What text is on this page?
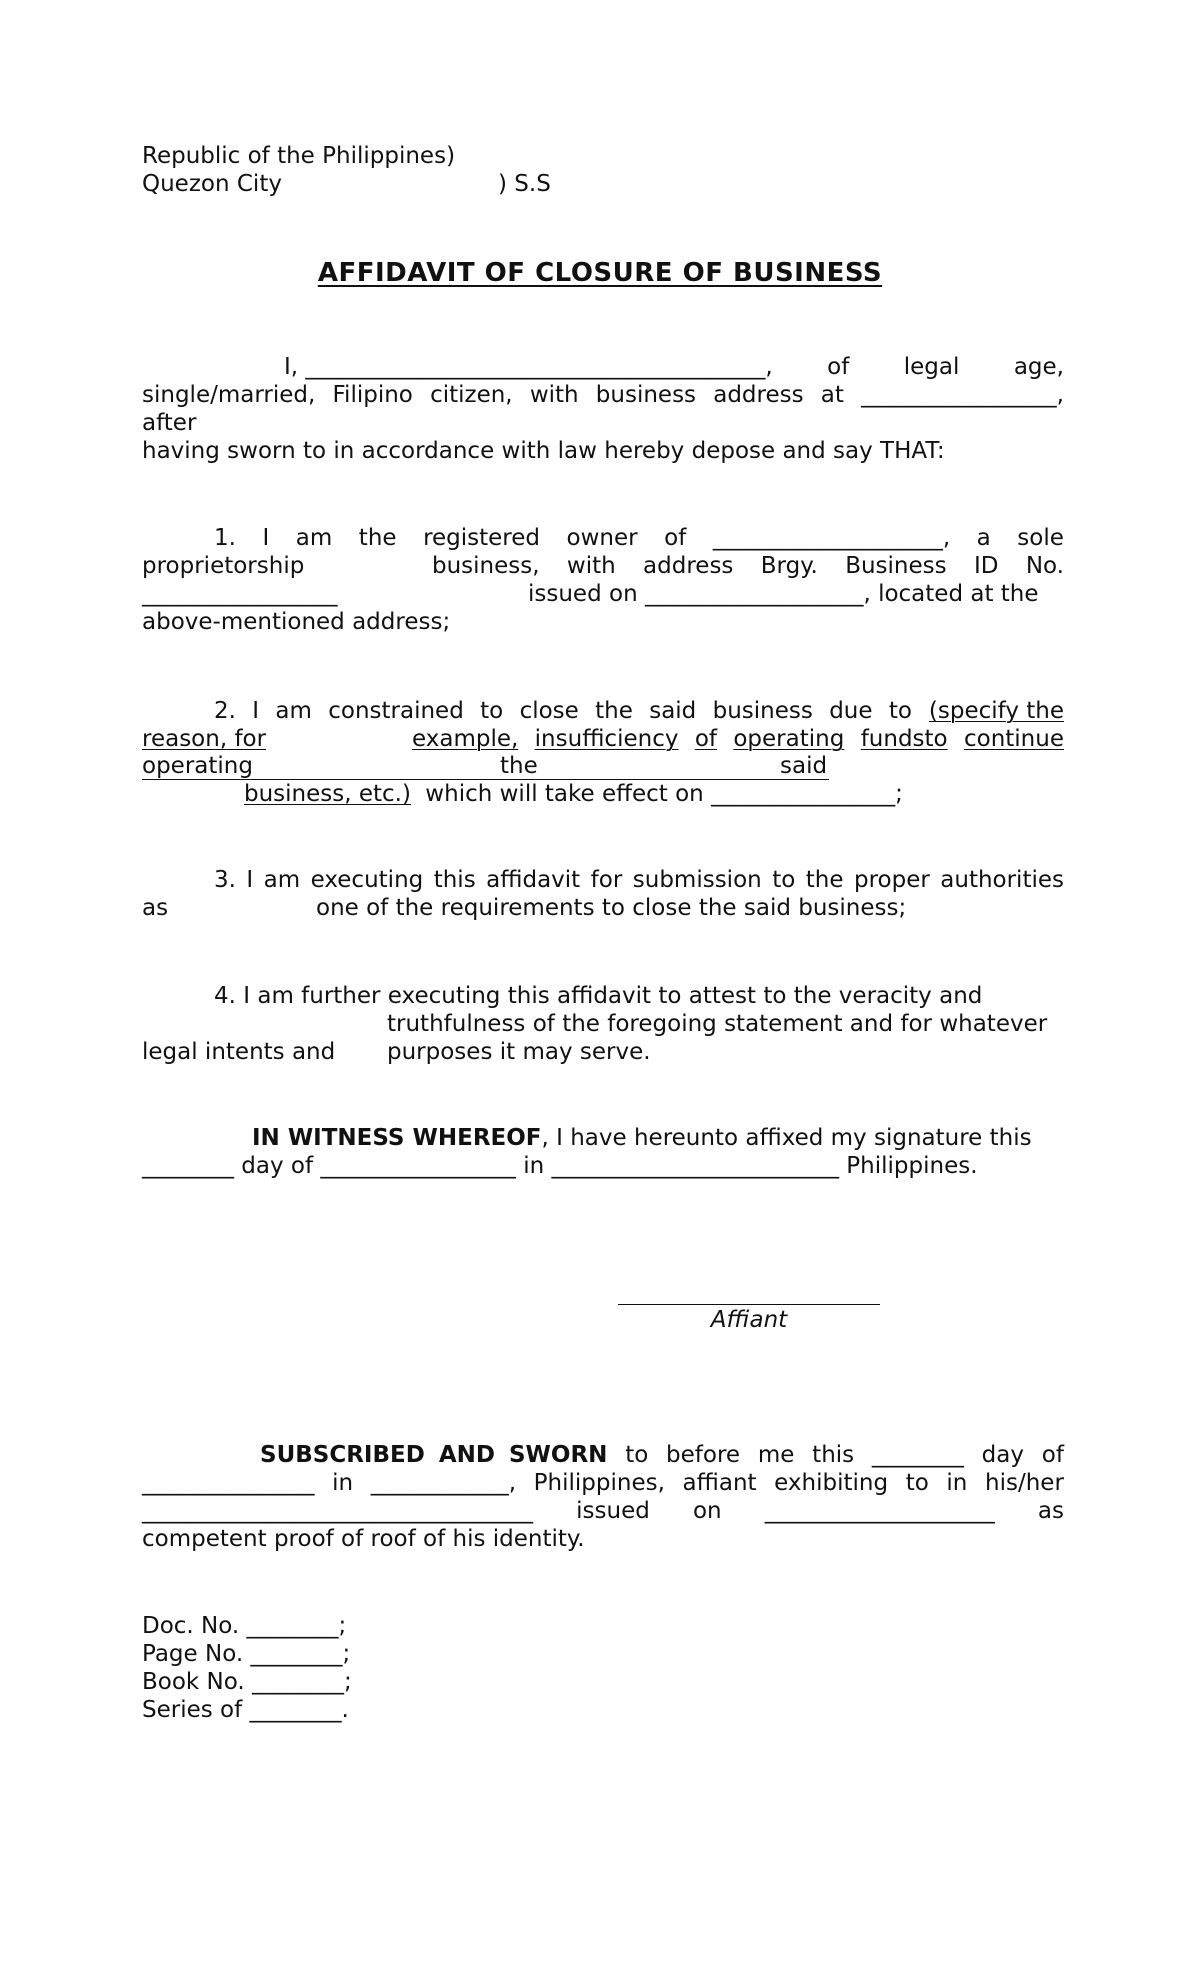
Republic of the Philippines)
Quezon City	) S.S
AFFIDAVIT OF CLOSURE OF BUSINESS
I, ________________________________________, of legal age,
single/married, Filipino citizen, with business address at _________________,
after
having sworn to in accordance with law hereby depose and say THAT:
1. I am the registered owner of ____________________, a sole
proprietorship	business, with address Brgy. Business ID No.
_________________	issued on ___________________, located at the
above-mentioned address;
2. I am constrained to close the said business due to (specify the
reason, for	example, insufficiency of operating fundsto continue
operating	the	said
business, etc.) which will take effect on ________________;
3. I am executing this affidavit for submission to the proper authorities
as	one of the requirements to close the said business;
4. I am further executing this affidavit to attest to the veracity and
truthfulness of the foregoing statement and for whatever
legal intents and purposes it may serve.
IN WITNESS WHEREOF, I have hereunto affixed my signature this
________ day of _________________ in _________________________ Philippines.
Affiant
SUBSCRIBED AND SWORN to before me this ________ day of
_______________ in ____________, Philippines, affiant exhibiting to in his/her
__________________________________ issued on ____________________ as
competent proof of roof of his identity.
Doc. No. ________;
Page No. ________;
Book No. ________;
Series of ________.
